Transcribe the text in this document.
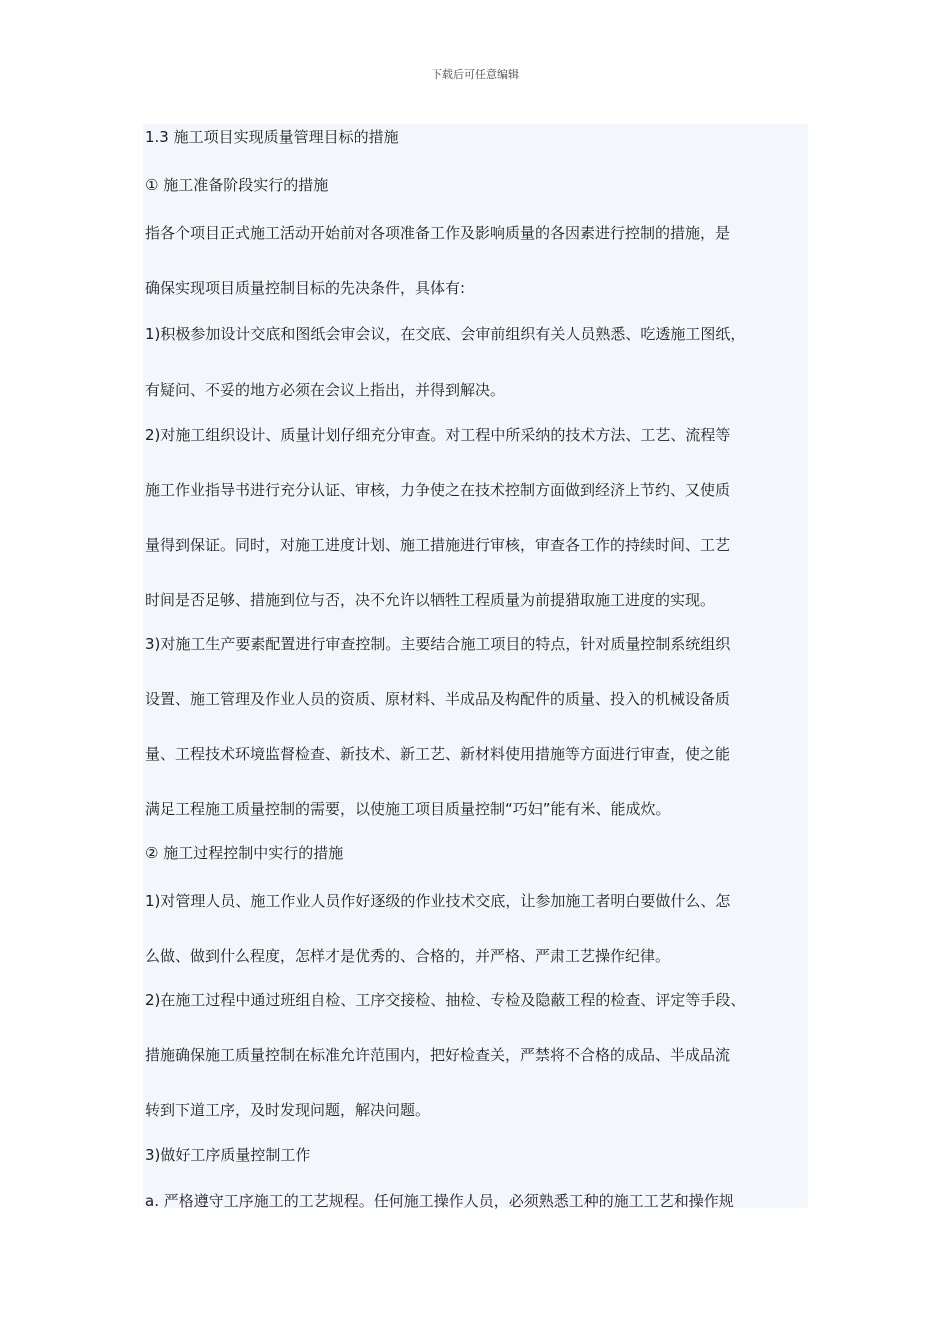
下载后可任意编辑
1.3 施工项目实现质量管理目标的措施
① 施工准备阶段实行的措施
指各个项目正式施工活动开始前对各项准备工作及影响质量的各因素进行控制的措施，是
确保实现项目质量控制目标的先决条件，具体有:
1)积极参加设计交底和图纸会审会议，在交底、会审前组织有关人员熟悉、吃透施工图纸，
有疑问、不妥的地方必须在会议上指出，并得到解决。
2)对施工组织设计、质量计划仔细充分审查。对工程中所采纳的技术方法、工艺、流程等
施工作业指导书进行充分认证、审核，力争使之在技术控制方面做到经济上节约、又使质
量得到保证。同时，对施工进度计划、施工措施进行审核，审查各工作的持续时间、工艺
时间是否足够、措施到位与否，决不允许以牺牲工程质量为前提猎取施工进度的实现。
3)对施工生产要素配置进行审查控制。主要结合施工项目的特点，针对质量控制系统组织
设置、施工管理及作业人员的资质、原材料、半成品及构配件的质量、投入的机械设备质
量、工程技术环境监督检查、新技术、新工艺、新材料使用措施等方面进行审查，使之能
满足工程施工质量控制的需要，以使施工项目质量控制“巧妇”能有米、能成炊。
② 施工过程控制中实行的措施
1)对管理人员、施工作业人员作好逐级的作业技术交底，让参加施工者明白要做什么、怎
么做、做到什么程度，怎样才是优秀的、合格的，并严格、严肃工艺操作纪律。
2)在施工过程中通过班组自检、工序交接检、抽检、专检及隐蔽工程的检查、评定等手段、
措施确保施工质量控制在标准允许范围内，把好检查关，严禁将不合格的成品、半成品流
转到下道工序，及时发现问题，解决问题。
3)做好工序质量控制工作
a. 严格遵守工序施工的工艺规程。任何施工操作人员，必须熟悉工种的施工工艺和操作规
